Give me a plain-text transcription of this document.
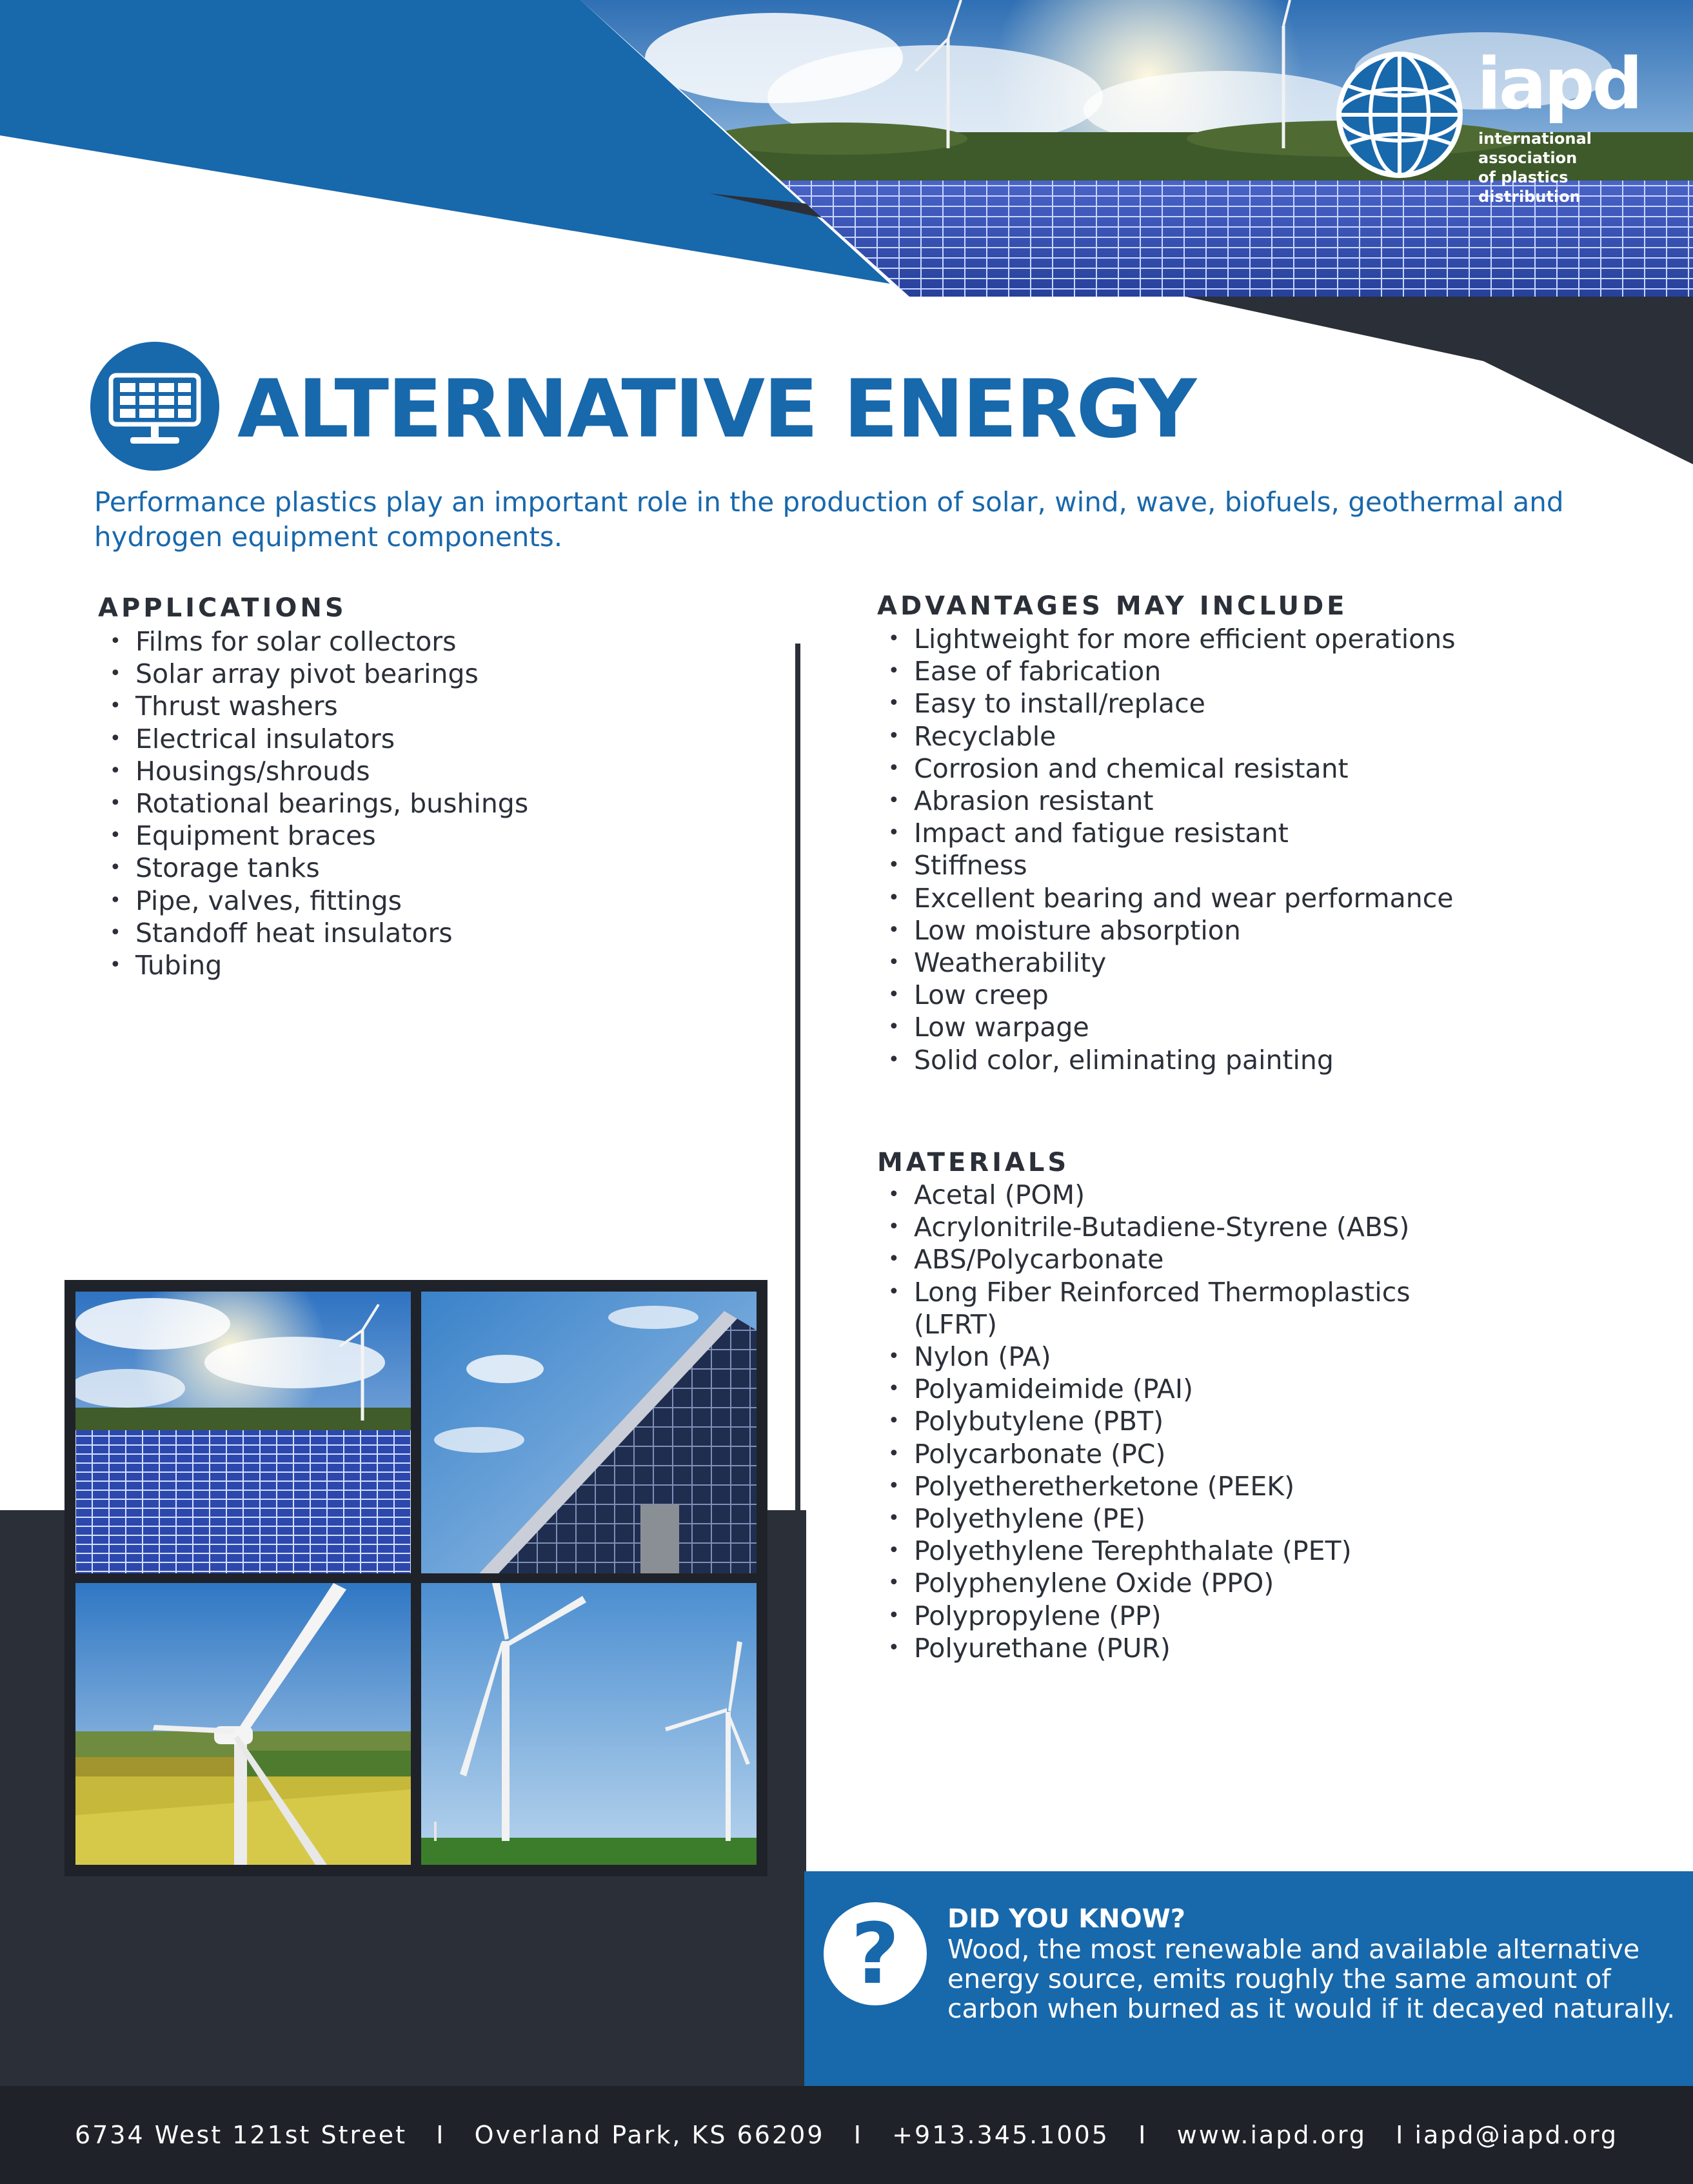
iapd
international association
of plastics distribution
ALTERNATIVE ENERGY

Performance plastics play an important role in the production of solar, wind, wave, biofuels, geothermal and hydrogen equipment components.

APPLICATIONS
• Films for solar collectors
• Solar array pivot bearings
• Thrust washers
• Electrical insulators
• Housings/shrouds
• Rotational bearings, bushings
• Equipment braces
• Storage tanks
• Pipe, valves, fittings
• Standoff heat insulators
• Tubing
ADVANTAGES MAY INCLUDE
• Lightweight for more efficient operations
• Ease of fabrication
• Easy to install/replace
• Recyclable
• Corrosion and chemical resistant
• Abrasion resistant
• Impact and fatigue resistant
• Stiffness
• Excellent bearing and wear performance
• Low moisture absorption
• Weatherability
• Low creep
• Low warpage
• Solid color, eliminating painting
MATERIALS
• Acetal (POM)
• Acrylonitrile-Butadiene-Styrene (ABS)
• ABS/Polycarbonate
• Long Fiber Reinforced Thermoplastics (LFRT)
• Nylon (PA)
• Polyamideimide (PAI)
• Polybutylene (PBT)
• Polycarbonate (PC)
• Polyetheretherketone (PEEK)
• Polyethylene (PE)
• Polyethylene Terephthalate (PET)
• Polyphenylene Oxide (PPO)
• Polypropylene (PP)
• Polyurethane (PUR)
?	DID YOU KNOW?

Wood, the most renewable and available alternative energy source, emits roughly the same amount of carbon when burned as it would if it decayed naturally.

6734 West 121st Street   I   Overland Park, KS 66209   I   +913.345.1005   I   www.iapd.org   I iapd@iapd.org
